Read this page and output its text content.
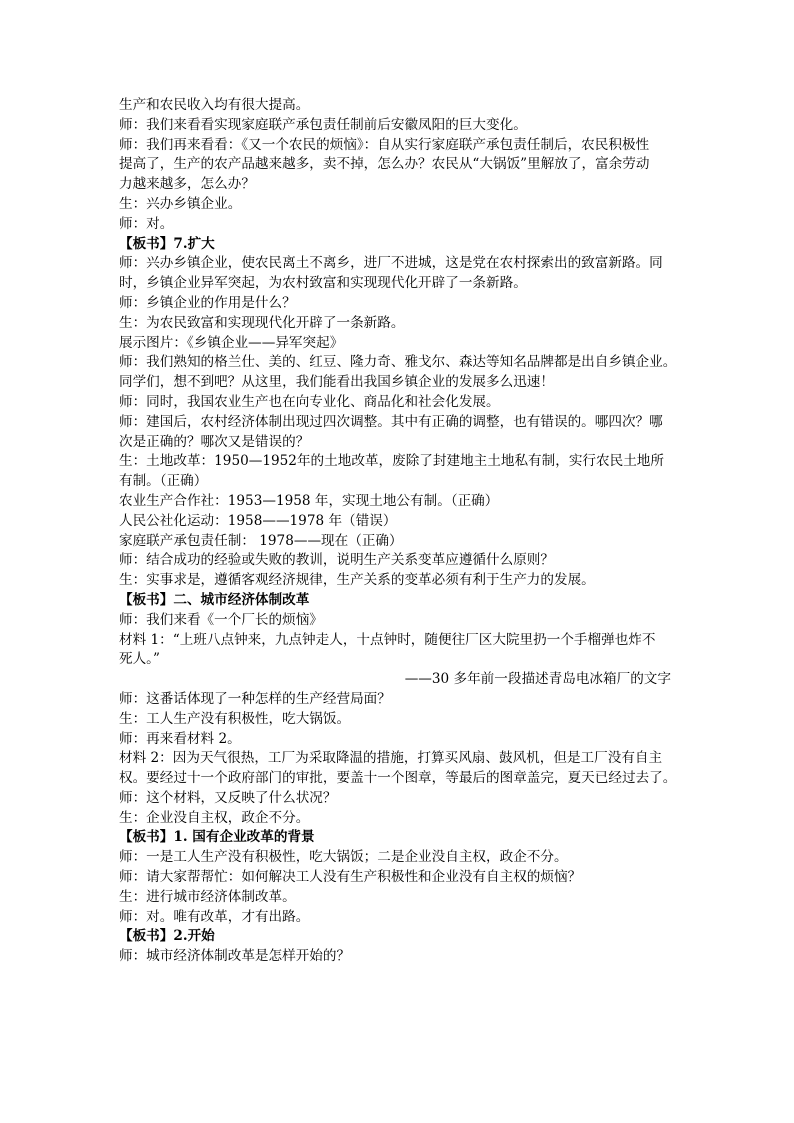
生产和农民收入均有很大提高。
师：我们来看看实现家庭联产承包责任制前后安徽凤阳的巨大变化。
师：我们再来看看：《又一个农民的烦恼》：自从实行家庭联产承包责任制后，农民积极性
提高了，生产的农产品越来越多，卖不掉，怎么办？农民从“大锅饭”里解放了，富余劳动
力越来越多，怎么办？
生：兴办乡镇企业。
师：对。
【板书】7.扩大
师：兴办乡镇企业，使农民离土不离乡，进厂不进城，这是党在农村探索出的致富新路。同
时，乡镇企业异军突起，为农村致富和实现现代化开辟了一条新路。
师：乡镇企业的作用是什么？
生：为农民致富和实现现代化开辟了一条新路。
展示图片：《乡镇企业——异军突起》
师：我们熟知的格兰仕、美的、红豆、隆力奇、雅戈尔、森达等知名品牌都是出自乡镇企业。
同学们，想不到吧？从这里，我们能看出我国乡镇企业的发展多么迅速！
师：同时，我国农业生产也在向专业化、商品化和社会化发展。
师：建国后，农村经济体制出现过四次调整。其中有正确的调整，也有错误的。哪四次？哪
次是正确的？哪次又是错误的？
生：土地改革：1950—1952年的土地改革，废除了封建地主土地私有制，实行农民土地所
有制。（正确）
农业生产合作社：1953—1958 年，实现土地公有制。（正确）
人民公社化运动：1958——1978 年（错误）
家庭联产承包责任制： 1978——现在（正确）
师：结合成功的经验或失败的教训，说明生产关系变革应遵循什么原则？
生：实事求是，遵循客观经济规律，生产关系的变革必须有利于生产力的发展。
【板书】二、城市经济体制改革
师：我们来看《一个厂长的烦恼》
材料 1：“上班八点钟来，九点钟走人，十点钟时，随便往厂区大院里扔一个手榴弹也炸不
死人。”
——30 多年前一段描述青岛电冰箱厂的文字
师：这番话体现了一种怎样的生产经营局面？
生：工人生产没有积极性，吃大锅饭。
师：再来看材料 2。
材料 2：因为天气很热，工厂为采取降温的措施，打算买风扇、鼓风机，但是工厂没有自主
权。要经过十一个政府部门的审批，要盖十一个图章，等最后的图章盖完，夏天已经过去了。
师：这个材料，又反映了什么状况？
生：企业没自主权，政企不分。
【板书】1. 国有企业改革的背景
师：一是工人生产没有积极性，吃大锅饭；二是企业没自主权，政企不分。
师：请大家帮帮忙：如何解决工人没有生产积极性和企业没有自主权的烦恼？
生：进行城市经济体制改革。
师：对。唯有改革，才有出路。
【板书】2.开始
师：城市经济体制改革是怎样开始的？
